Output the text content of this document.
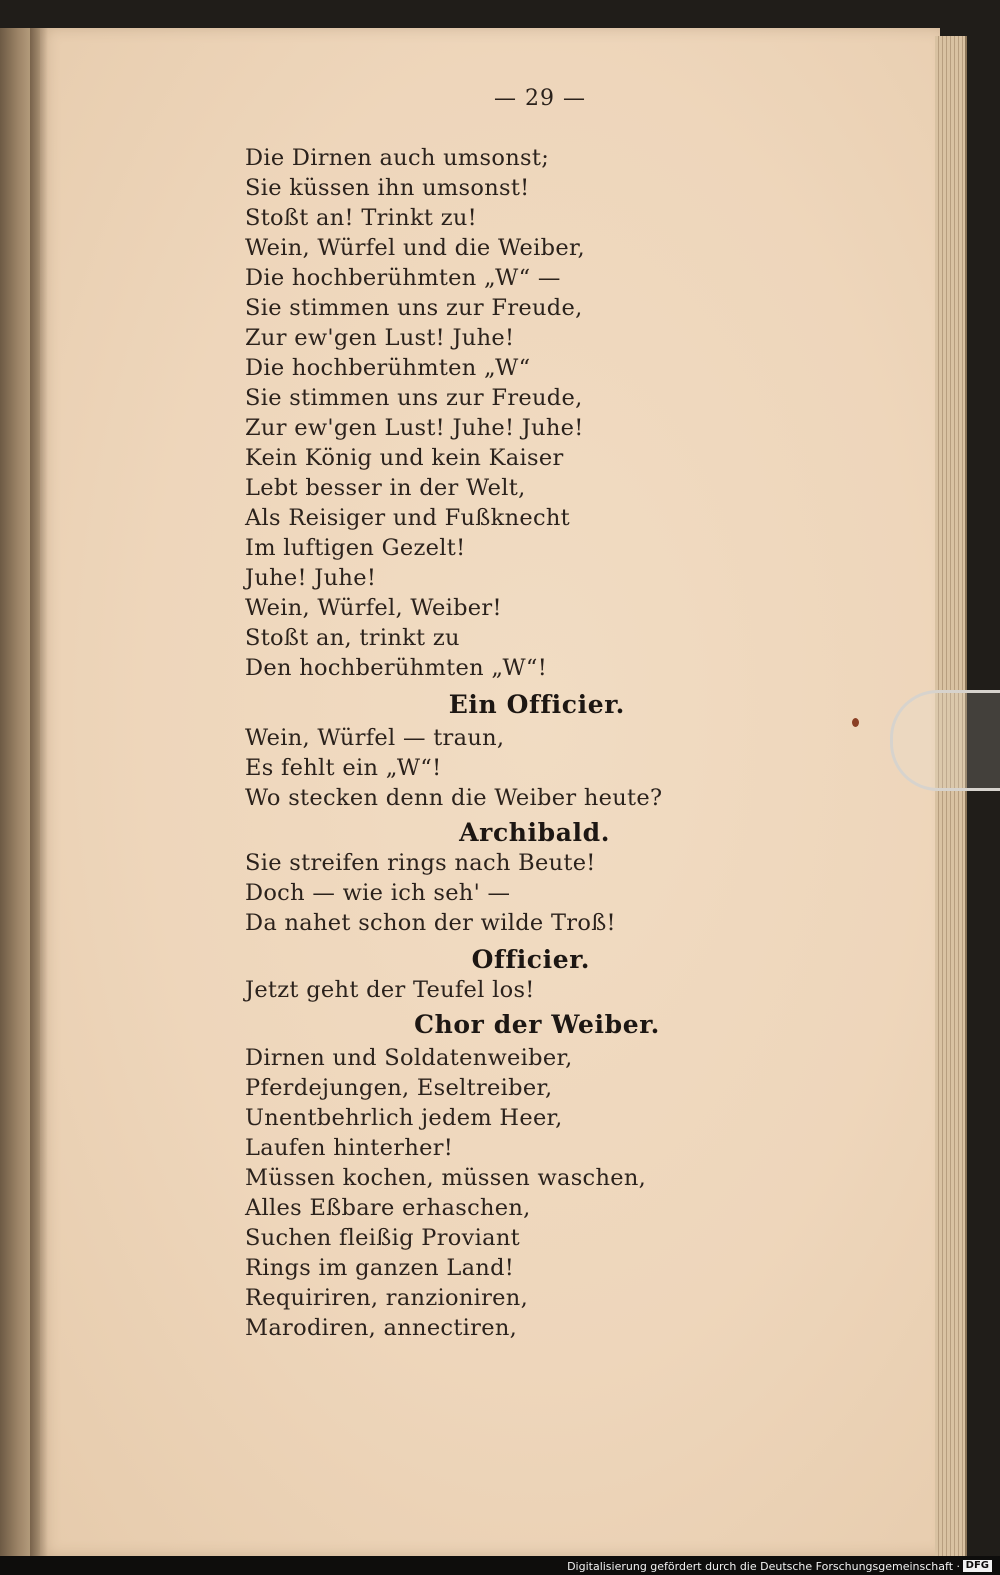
— 29 —
Die Dirnen auch umsonst;
Sie küssen ihn umsonst!
Stoßt an! Trinkt zu!
Wein, Würfel und die Weiber,
Die hochberühmten „W“ —
Sie stimmen uns zur Freude,
Zur ew'gen Lust! Juhe!
Die hochberühmten „W“
Sie stimmen uns zur Freude,
Zur ew'gen Lust! Juhe! Juhe!
Kein König und kein Kaiser
Lebt besser in der Welt,
Als Reisiger und Fußknecht
Im luftigen Gezelt!
Juhe! Juhe!
Wein, Würfel, Weiber!
Stoßt an, trinkt zu
Den hochberühmten „W“!
Ein Officier.
Wein, Würfel — traun,
Es fehlt ein „W“!
Wo stecken denn die Weiber heute?
Archibald.
Sie streifen rings nach Beute!
Doch — wie ich seh' —
Da nahet schon der wilde Troß!
Officier.
Jetzt geht der Teufel los!
Chor der Weiber.
Dirnen und Soldatenweiber,
Pferdejungen, Eseltreiber,
Unentbehrlich jedem Heer,
Laufen hinterher!
Müssen kochen, müssen waschen,
Alles Eßbare erhaschen,
Suchen fleißig Proviant
Rings im ganzen Land!
Requiriren, ranzioniren,
Marodiren, annectiren,
Digitalisierung gefördert durch die Deutsche Forschungsgemeinschaft · DFG
